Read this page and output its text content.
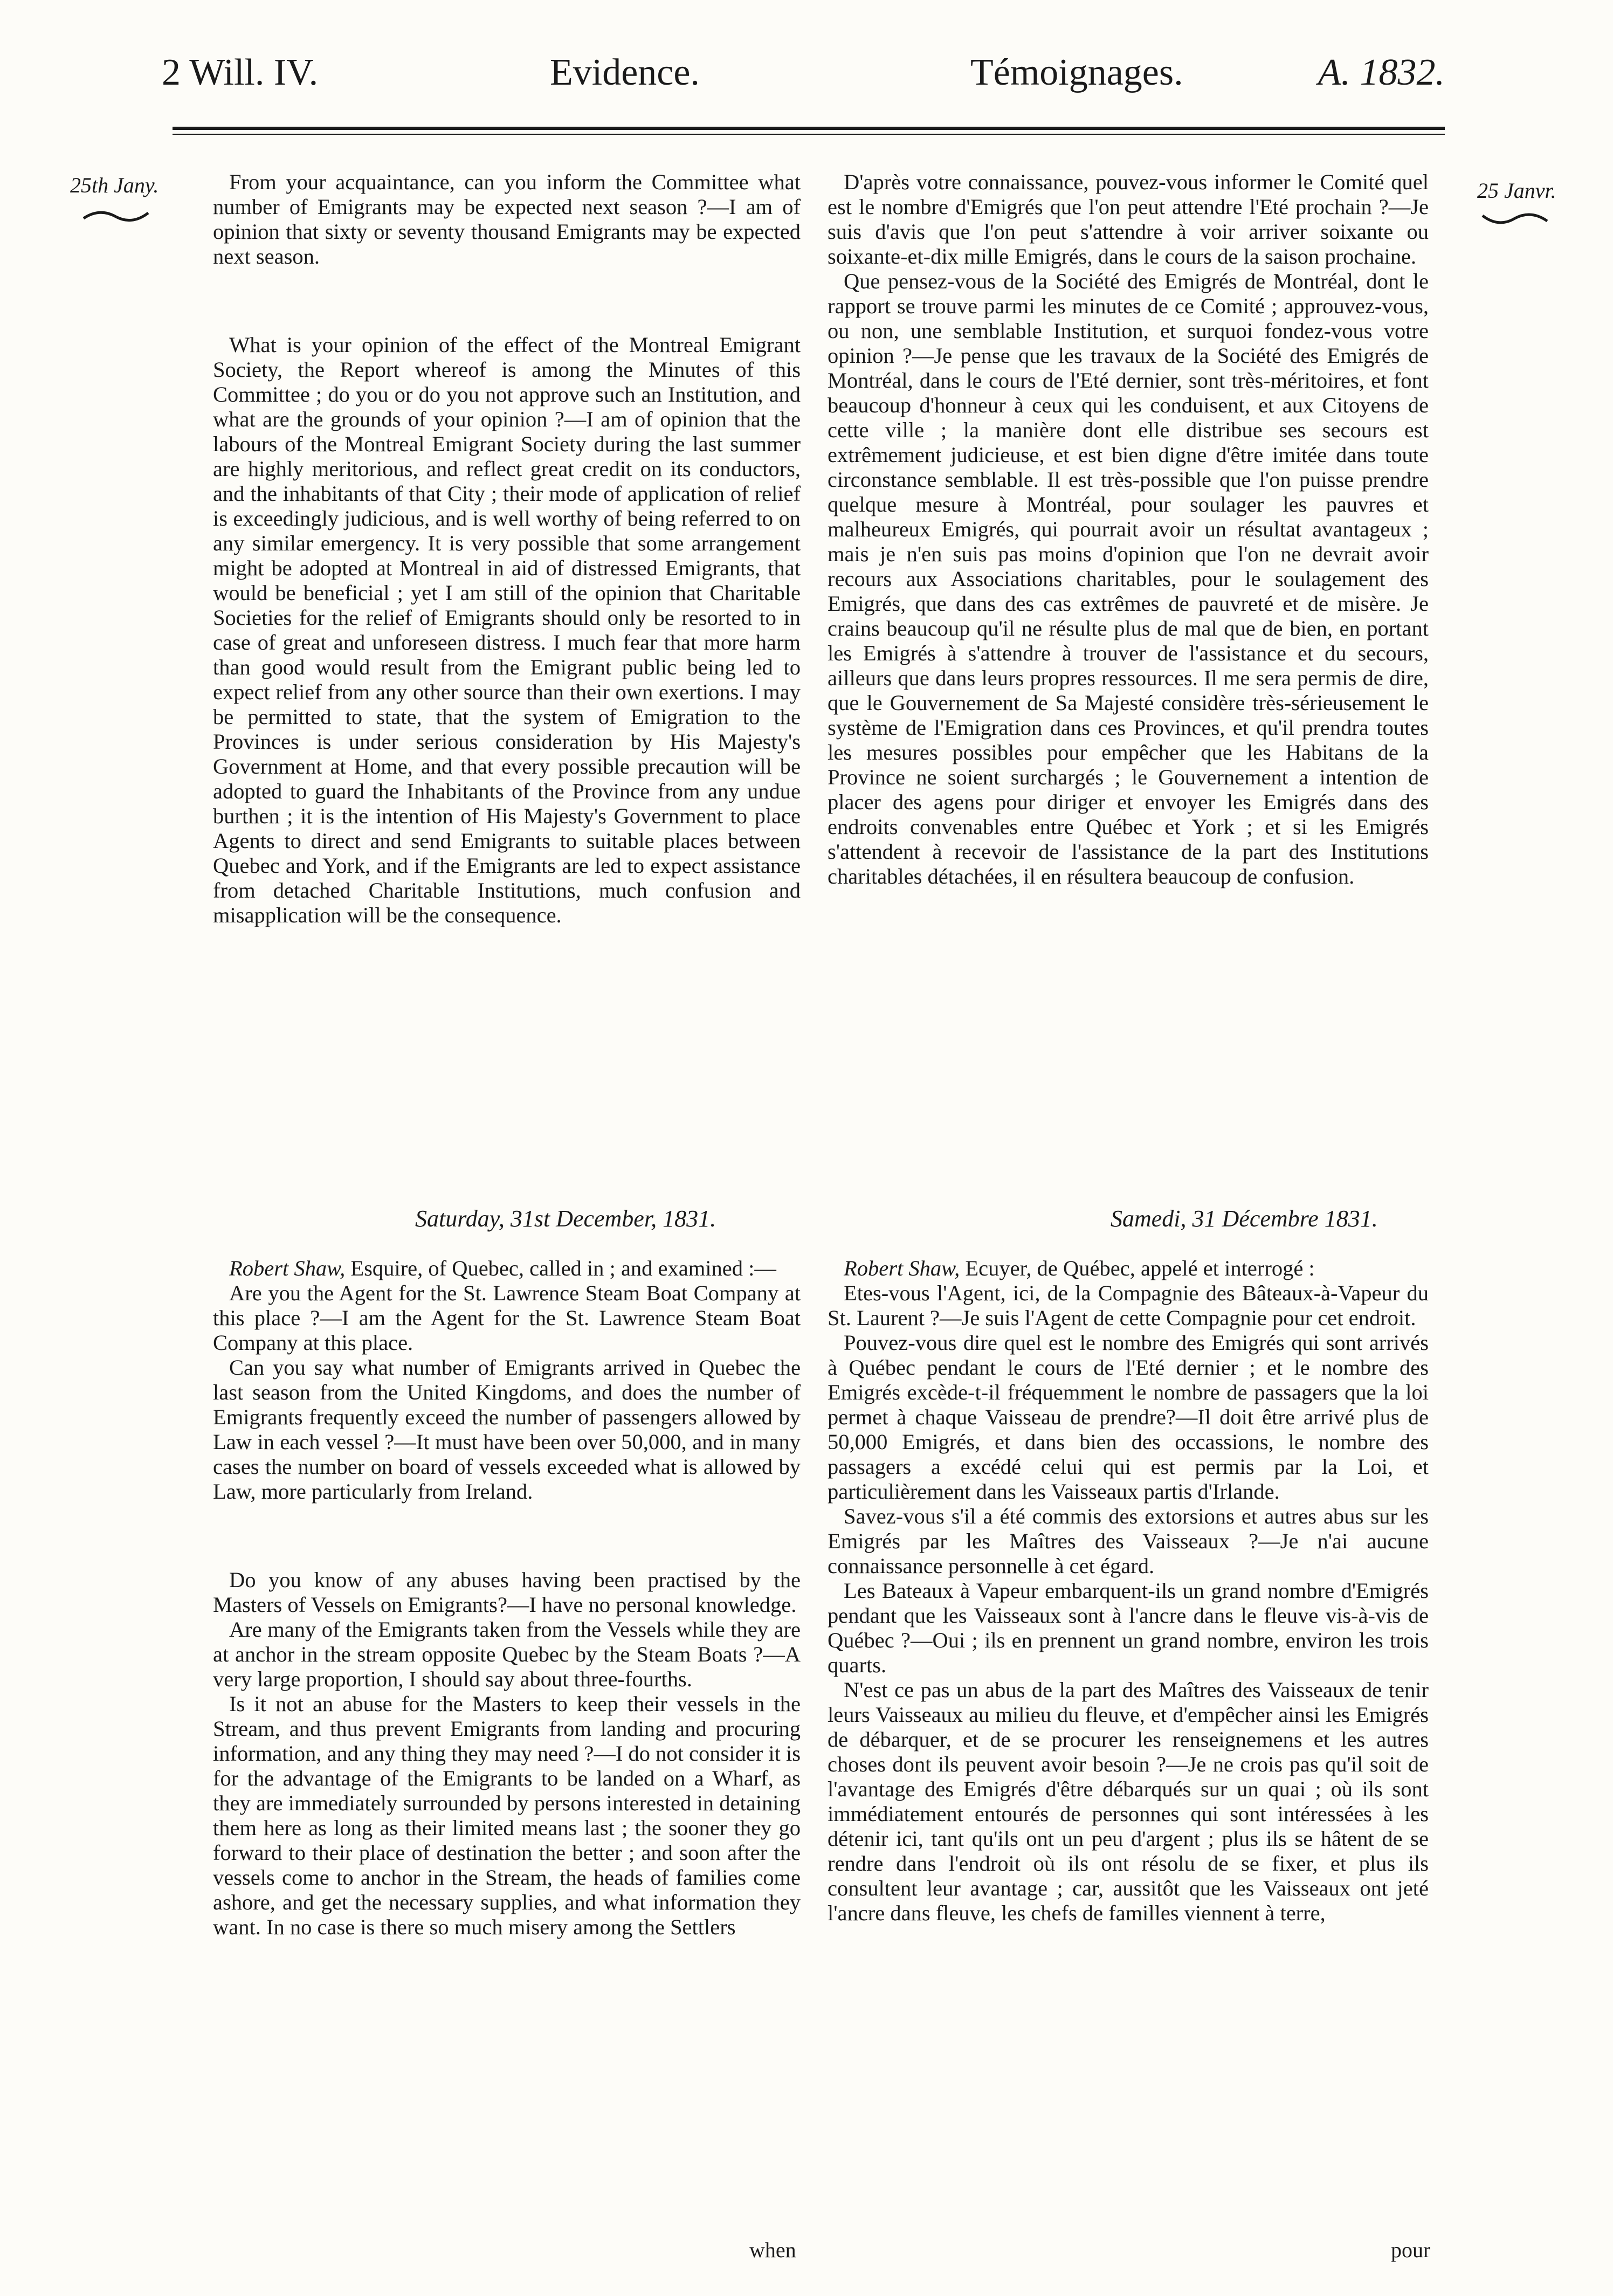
2 Will. IV.	Evidence.	Témoignages.	A. 1832.
25th Jany.	25 Janvr.

From your acquaintance, can you inform the Committee what number of Emigrants may be expected next season ?—I am of opinion that sixty or seventy thousand Emigrants may be expected next season.

What is your opinion of the effect of the Montreal Emigrant Society, the Report whereof is among the Minutes of this Committee ; do you or do you not approve such an Institution, and what are the grounds of your opinion ?—I am of opinion that the labours of the Montreal Emigrant Society during the last summer are highly meritorious, and reflect great credit on its conductors, and the inhabitants of that City ; their mode of application of relief is exceedingly judicious, and is well worthy of being referred to on any similar emergency. It is very possible that some arrangement might be adopted at Montreal in aid of distressed Emigrants, that would be beneficial ; yet I am still of the opinion that Charitable Societies for the relief of Emigrants should only be resorted to in case of great and unforeseen distress. I much fear that more harm than good would result from the Emigrant public being led to expect relief from any other source than their own exertions. I may be permitted to state, that the system of Emigration to the Provinces is under serious consideration by His Majesty's Government at Home, and that every possible precaution will be adopted to guard the Inhabitants of the Province from any undue burthen ; it is the intention of His Majesty's Government to place Agents to direct and send Emigrants to suitable places between Quebec and York, and if the Emigrants are led to expect assistance from detached Charitable Institutions, much confusion and misapplication will be the consequence.

D'après votre connaissance, pouvez-vous informer le Comité quel est le nombre d'Emigrés que l'on peut attendre l'Eté prochain ?—Je suis d'avis que l'on peut s'attendre à voir arriver soixante ou soixante-et-dix mille Emigrés, dans le cours de la saison prochaine.

Que pensez-vous de la Société des Emigrés de Montréal, dont le rapport se trouve parmi les minutes de ce Comité ; approuvez-vous, ou non, une semblable Institution, et surquoi fondez-vous votre opinion ?—Je pense que les travaux de la Société des Emigrés de Montréal, dans le cours de l'Eté dernier, sont très-méritoires, et font beaucoup d'honneur à ceux qui les conduisent, et aux Citoyens de cette ville ; la manière dont elle distribue ses secours est extrêmement judicieuse, et est bien digne d'être imitée dans toute circonstance semblable. Il est très-possible que l'on puisse prendre quelque mesure à Montréal, pour soulager les pauvres et malheureux Emigrés, qui pourrait avoir un résultat avantageux ; mais je n'en suis pas moins d'opinion que l'on ne devrait avoir recours aux Associations charitables, pour le soulagement des Emigrés, que dans des cas extrêmes de pauvreté et de misère. Je crains beaucoup qu'il ne résulte plus de mal que de bien, en portant les Emigrés à s'attendre à trouver de l'assistance et du secours, ailleurs que dans leurs propres ressources. Il me sera permis de dire, que le Gouvernement de Sa Majesté considère très-sérieusement le système de l'Emigration dans ces Provinces, et qu'il prendra toutes les mesures possibles pour empêcher que les Habitans de la Province ne soient surchargés ; le Gouvernement a intention de placer des agens pour diriger et envoyer les Emigrés dans des endroits convenables entre Québec et York ; et si les Emigrés s'attendent à recevoir de l'assistance de la part des Institutions charitables détachées, il en résultera beaucoup de confusion.

Saturday, 31st December, 1831.	Samedi, 31 Décembre 1831.

Robert Shaw, Esquire, of Quebec, called in ; and examined :—

Are you the Agent for the St. Lawrence Steam Boat Company at this place ?—I am the Agent for the St. Lawrence Steam Boat Company at this place.

Can you say what number of Emigrants arrived in Quebec the last season from the United Kingdoms, and does the number of Emigrants frequently exceed the number of passengers allowed by Law in each vessel ?—It must have been over 50,000, and in many cases the number on board of vessels exceeded what is allowed by Law, more particularly from Ireland.

Do you know of any abuses having been practised by the Masters of Vessels on Emigrants?—I have no personal knowledge.

Are many of the Emigrants taken from the Vessels while they are at anchor in the stream opposite Quebec by the Steam Boats ?—A very large proportion, I should say about three-fourths.

Is it not an abuse for the Masters to keep their vessels in the Stream, and thus prevent Emigrants from landing and procuring information, and any thing they may need ?—I do not consider it is for the advantage of the Emigrants to be landed on a Wharf, as they are immediately surrounded by persons interested in detaining them here as long as their limited means last ; the sooner they go forward to their place of destination the better ; and soon after the vessels come to anchor in the Stream, the heads of families come ashore, and get the necessary supplies, and what information they want. In no case is there so much misery among the Settlers

Robert Shaw, Ecuyer, de Québec, appelé et interrogé :

Etes-vous l'Agent, ici, de la Compagnie des Bâteaux-à-Vapeur du St. Laurent ?—Je suis l'Agent de cette Compagnie pour cet endroit.

Pouvez-vous dire quel est le nombre des Emigrés qui sont arrivés à Québec pendant le cours de l'Eté dernier ; et le nombre des Emigrés excède-t-il fréquemment le nombre de passagers que la loi permet à chaque Vaisseau de prendre?—Il doit être arrivé plus de 50,000 Emigrés, et dans bien des occassions, le nombre des passagers a excédé celui qui est permis par la Loi, et particulièrement dans les Vaisseaux partis d'Irlande.

Savez-vous s'il a été commis des extorsions et autres abus sur les Emigrés par les Maîtres des Vaisseaux ?—Je n'ai aucune connaissance personnelle à cet égard.

Les Bateaux à Vapeur embarquent-ils un grand nombre d'Emigrés pendant que les Vaisseaux sont à l'ancre dans le fleuve vis-à-vis de Québec ?—Oui ; ils en prennent un grand nombre, environ les trois quarts.

N'est ce pas un abus de la part des Maîtres des Vaisseaux de tenir leurs Vaisseaux au milieu du fleuve, et d'empêcher ainsi les Emigrés de débarquer, et de se procurer les renseignemens et les autres choses dont ils peuvent avoir besoin ?—Je ne crois pas qu'il soit de l'avantage des Emigrés d'être débarqués sur un quai ; où ils sont immédiatement entourés de personnes qui sont intéressées à les détenir ici, tant qu'ils ont un peu d'argent ; plus ils se hâtent de se rendre dans l'endroit où ils ont résolu de se fixer, et plus ils consultent leur avantage ; car, aussitôt que les Vaisseaux ont jeté l'ancre dans fleuve, les chefs de familles viennent à terre,

when	pour
